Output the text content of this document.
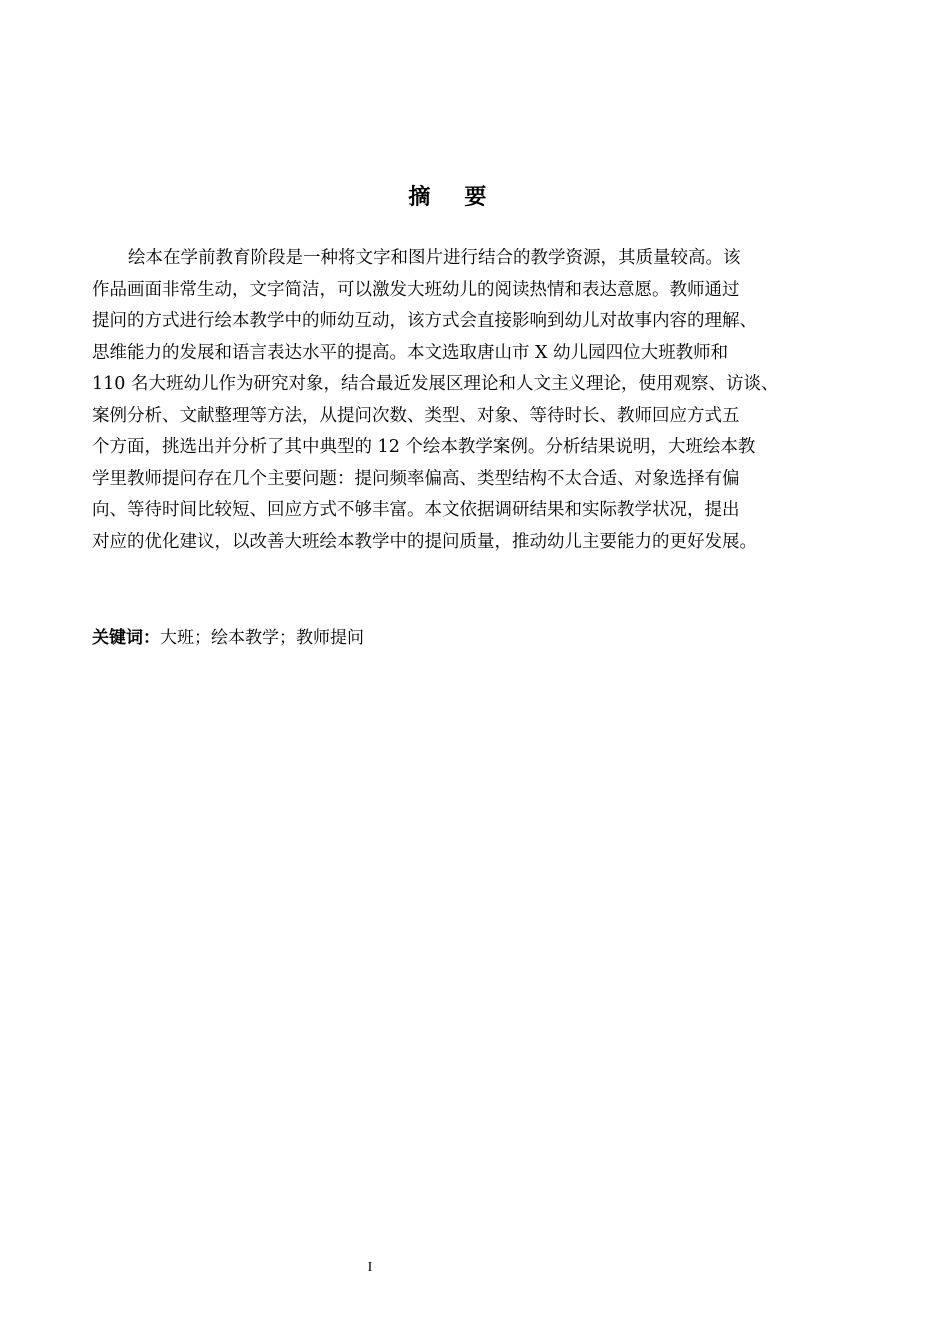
摘 要
绘本在学前教育阶段是一种将文字和图片进行结合的教学资源，其质量较高。该
作品画面非常生动，文字简洁，可以激发大班幼儿的阅读热情和表达意愿。教师通过
提问的方式进行绘本教学中的师幼互动，该方式会直接影响到幼儿对故事内容的理解、
思维能力的发展和语言表达水平的提高。本文选取唐山市 X 幼儿园四位大班教师和
110 名大班幼儿作为研究对象，结合最近发展区理论和人文主义理论，使用观察、访谈、
案例分析、文献整理等方法，从提问次数、类型、对象、等待时长、教师回应方式五
个方面，挑选出并分析了其中典型的 12 个绘本教学案例。分析结果说明，大班绘本教
学里教师提问存在几个主要问题：提问频率偏高、类型结构不太合适、对象选择有偏
向、等待时间比较短、回应方式不够丰富。本文依据调研结果和实际教学状况，提出
对应的优化建议，以改善大班绘本教学中的提问质量，推动幼儿主要能力的更好发展。
关键词：大班；绘本教学；教师提问
I
